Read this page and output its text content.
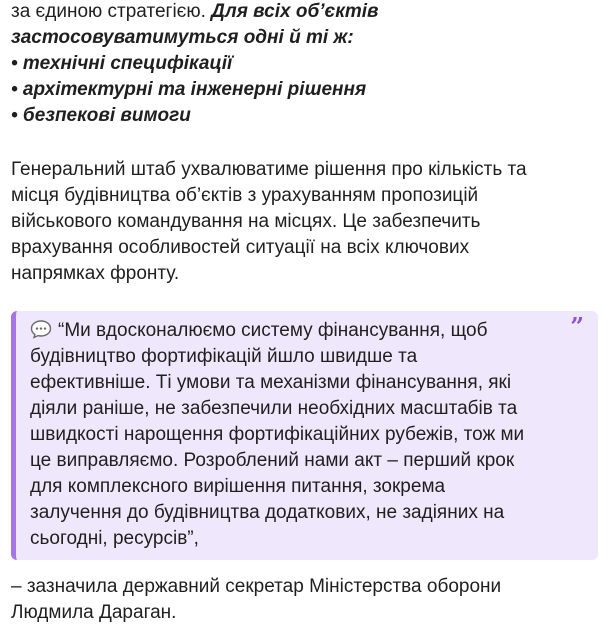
за єдиною стратегією. Для всіх об’єктів
застосовуватимуться одні й ті ж:
• технічні специфікації
• архітектурні та інженерні рішення
• безпекові вимоги
Генеральний штаб ухвалюватиме рішення про кількість та
місця будівництва об’єктів з урахуванням пропозицій
військового командування на місцях. Це забезпечить
врахування особливостей ситуації на всіх ключових
напрямках фронту.
”
“Ми вдосконалюємо систему фінансування, щоб
будівництво фортифікацій йшло швидше та
ефективніше. Ті умови та механізми фінансування, які
діяли раніше, не забезпечили необхідних масштабів та
швидкості нарощення фортифікаційних рубежів, тож ми
це виправляємо. Розроблений нами акт – перший крок
для комплексного вирішення питання, зокрема
залучення до будівництва додаткових, не задіяних на
сьогодні, ресурсів”,
– зазначила державний секретар Міністерства оборони
Людмила Дараган.
